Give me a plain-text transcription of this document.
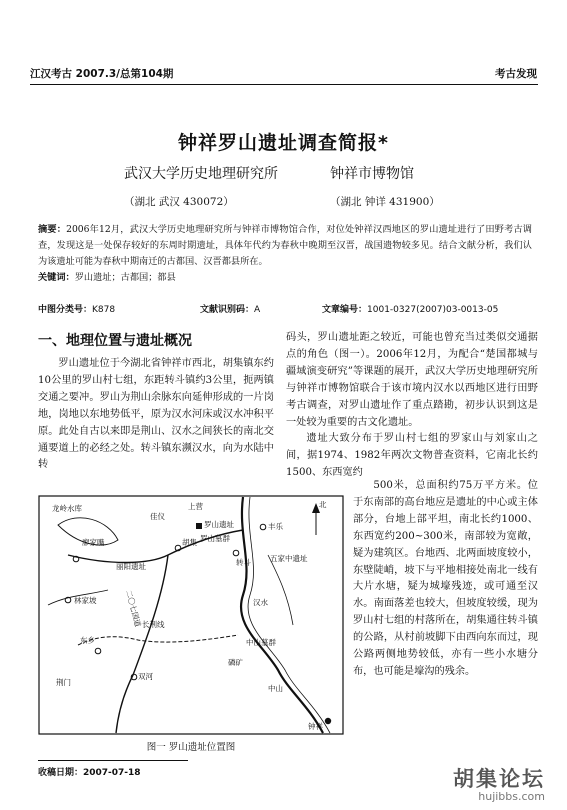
江汉考古 2007.3/总第104期	考古发现
钟祥罗山遗址调查简报*
武汉大学历史地理研究所	钟祥市博物馆
（湖北 武汉 430072）	（湖北 钟详 431900）
摘要：2006年12月，武汉大学历史地理研究所与钟祥市博物馆合作，对位处钟祥汉西地区的罗山遗址进行了田野考古调查，发现这是一处保存较好的东周时期遗址，具体年代约为春秋中晚期至汉晋，战国遗物较多见。结合文献分析，我们认为该遗址可能为春秋中期南迁的古都国、汉晋都县所在。
关键词：罗山遗址；古都国；都县
中图分类号：K878	文献识别码：A	文章编号：1001-0327(2007)03-0013-05
一、地理位置与遗址概况

罗山遗址位于今湖北省钟祥市西北，胡集镇东约10公里的罗山村七组，东距转斗镇约3公里，扼两镇交通之要冲。罗山为荆山余脉东向延伸形成的一片岗地，岗地以东地势低平，原为汉水河床或汉水冲积平原。此处自古以来即是荆山、汉水之间狭长的南北交通要道上的必经之处。转斗镇东濒汉水，向为水陆中转

码头，罗山遗址距之较近，可能也曾充当过类似交通据点的角色（图一）。2006年12月，为配合“楚国都城与疆域演变研究”等课题的展开，武汉大学历史地理研究所与钟祥市博物馆联合于该市境内汉水以西地区进行田野考古调查，对罗山遗址作了重点踏勘，初步认识到这是一处较为重要的古文化遗址。

遗址大致分布于罗山村七组的罗家山与刘家山之间，据1974、1982年两次文物普查资料，它南北长约1500、东西宽约

500米，总面积约75万平方米。位于东南部的高台地应是遗址的中心或主体部分，台地上部平坦，南北长约1000、东西宽约200~300米，南部较为宽敞，疑为建筑区。台地西、北两面坡度较小，东壁陡峭，坡下与平地相接处南北一线有大片水塘，疑为城壕残迹，或可通至汉水。南面落差也较大，但坡度较缓，现为罗山村七组的村落所在，胡集通往转斗镇的公路，从村前坡脚下由西向东而过，现公路两侧地势较低，亦有一些小水塘分布，也可能是壕沟的残余。

北
上营
佳仪
罗山遗址	丰乐
罗山墓群
汉水
龙岭水库
廖家嘴
丽阳遗址	转斗	五家中遗址
胡集
林家坡
长荆线
东乡	中山墓群
荆门
双河
磷矿
中山
钟祥
二〇七国道
图一 罗山遗址位置图
收稿日期：2007-07-18	胡集论坛
hujibbs.com
